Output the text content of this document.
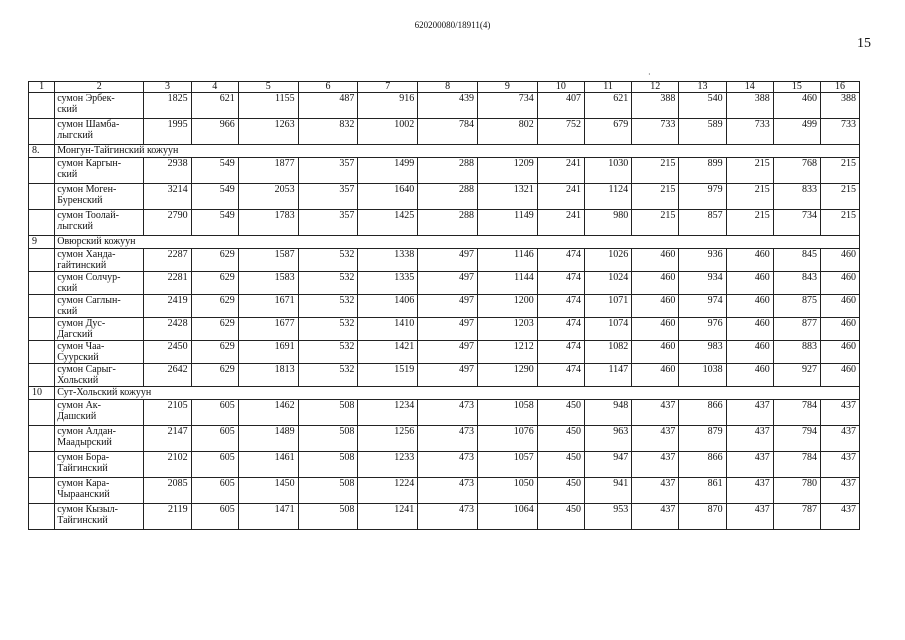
620200080/18911(4)
15
·
1	2	3	4	5	6	7	8	9	10	11	12	13	14	15	16

	сумон Эрбек-
ский	1825	621	1155	487	916	439	734	407	621	388	540	388	460	388

	сумон Шамба-
лыгский	1995	966	1263	832	1002	784	802	752	679	733	589	733	499	733
8.	Монгун-Тайгинский кожуун														

	сумон Каргын-
ский	2938	549	1877	357	1499	288	1209	241	1030	215	899	215	768	215

	сумон Моген-
Буренский	3214	549	2053	357	1640	288	1321	241	1124	215	979	215	833	215

	сумон Тоолай-
лыгский	2790	549	1783	357	1425	288	1149	241	980	215	857	215	734	215
9	Овюрский кожуун														

	сумон Ханда-
гайтинский	2287	629	1587	532	1338	497	1146	474	1026	460	936	460	845	460

	сумон Солчур-
ский	2281	629	1583	532	1335	497	1144	474	1024	460	934	460	843	460

	сумон Саглын-
ский	2419	629	1671	532	1406	497	1200	474	1071	460	974	460	875	460

	сумон Дус-
Дагский	2428	629	1677	532	1410	497	1203	474	1074	460	976	460	877	460

	сумон Чаа-
Суурский	2450	629	1691	532	1421	497	1212	474	1082	460	983	460	883	460

	сумон Сарыг-
Хольский	2642	629	1813	532	1519	497	1290	474	1147	460	1038	460	927	460
10	Сут-Хольский кожуун														

	сумон Ак-
Дашский	2105	605	1462	508	1234	473	1058	450	948	437	866	437	784	437

	сумон Алдан-
Маадырский	2147	605	1489	508	1256	473	1076	450	963	437	879	437	794	437

	сумон Бора-
Тайгинский	2102	605	1461	508	1233	473	1057	450	947	437	866	437	784	437

	сумон Кара-
Чыраанский	2085	605	1450	508	1224	473	1050	450	941	437	861	437	780	437

	сумон Кызыл-
Тайгинский	2119	605	1471	508	1241	473	1064	450	953	437	870	437	787	437
